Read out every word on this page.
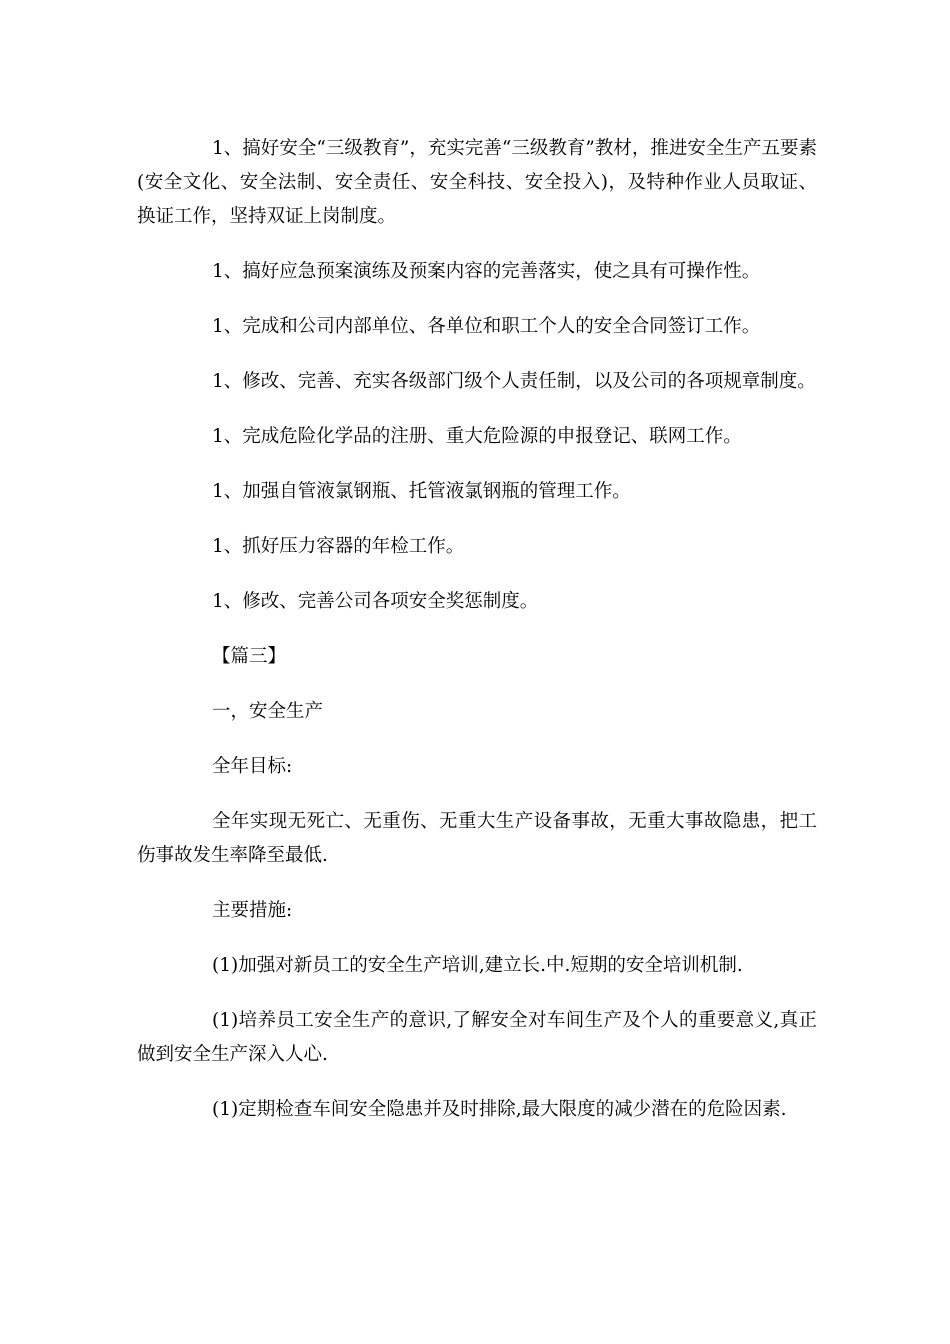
1、搞好安全“三级教育”，充实完善“三级教育”教材，推进安全生产五要素(安全文化、安全法制、安全责任、安全科技、安全投入)，及特种作业人员取证、换证工作，坚持双证上岗制度。

1、搞好应急预案演练及预案内容的完善落实，使之具有可操作性。

1、完成和公司内部单位、各单位和职工个人的安全合同签订工作。

1、修改、完善、充实各级部门级个人责任制，以及公司的各项规章制度。

1、完成危险化学品的注册、重大危险源的申报登记、联网工作。

1、加强自管液氯钢瓶、托管液氯钢瓶的管理工作。

1、抓好压力容器的年检工作。

1、修改、完善公司各项安全奖惩制度。

【篇三】

一，安全生产

全年目标:

全年实现无死亡、无重伤、无重大生产设备事故，无重大事故隐患，把工伤事故发生率降至最低.

主要措施:

(1)加强对新员工的安全生产培训,建立长.中.短期的安全培训机制.

(1)培养员工安全生产的意识,了解安全对车间生产及个人的重要意义,真正做到安全生产深入人心.

(1)定期检查车间安全隐患并及时排除,最大限度的减少潜在的危险因素.
